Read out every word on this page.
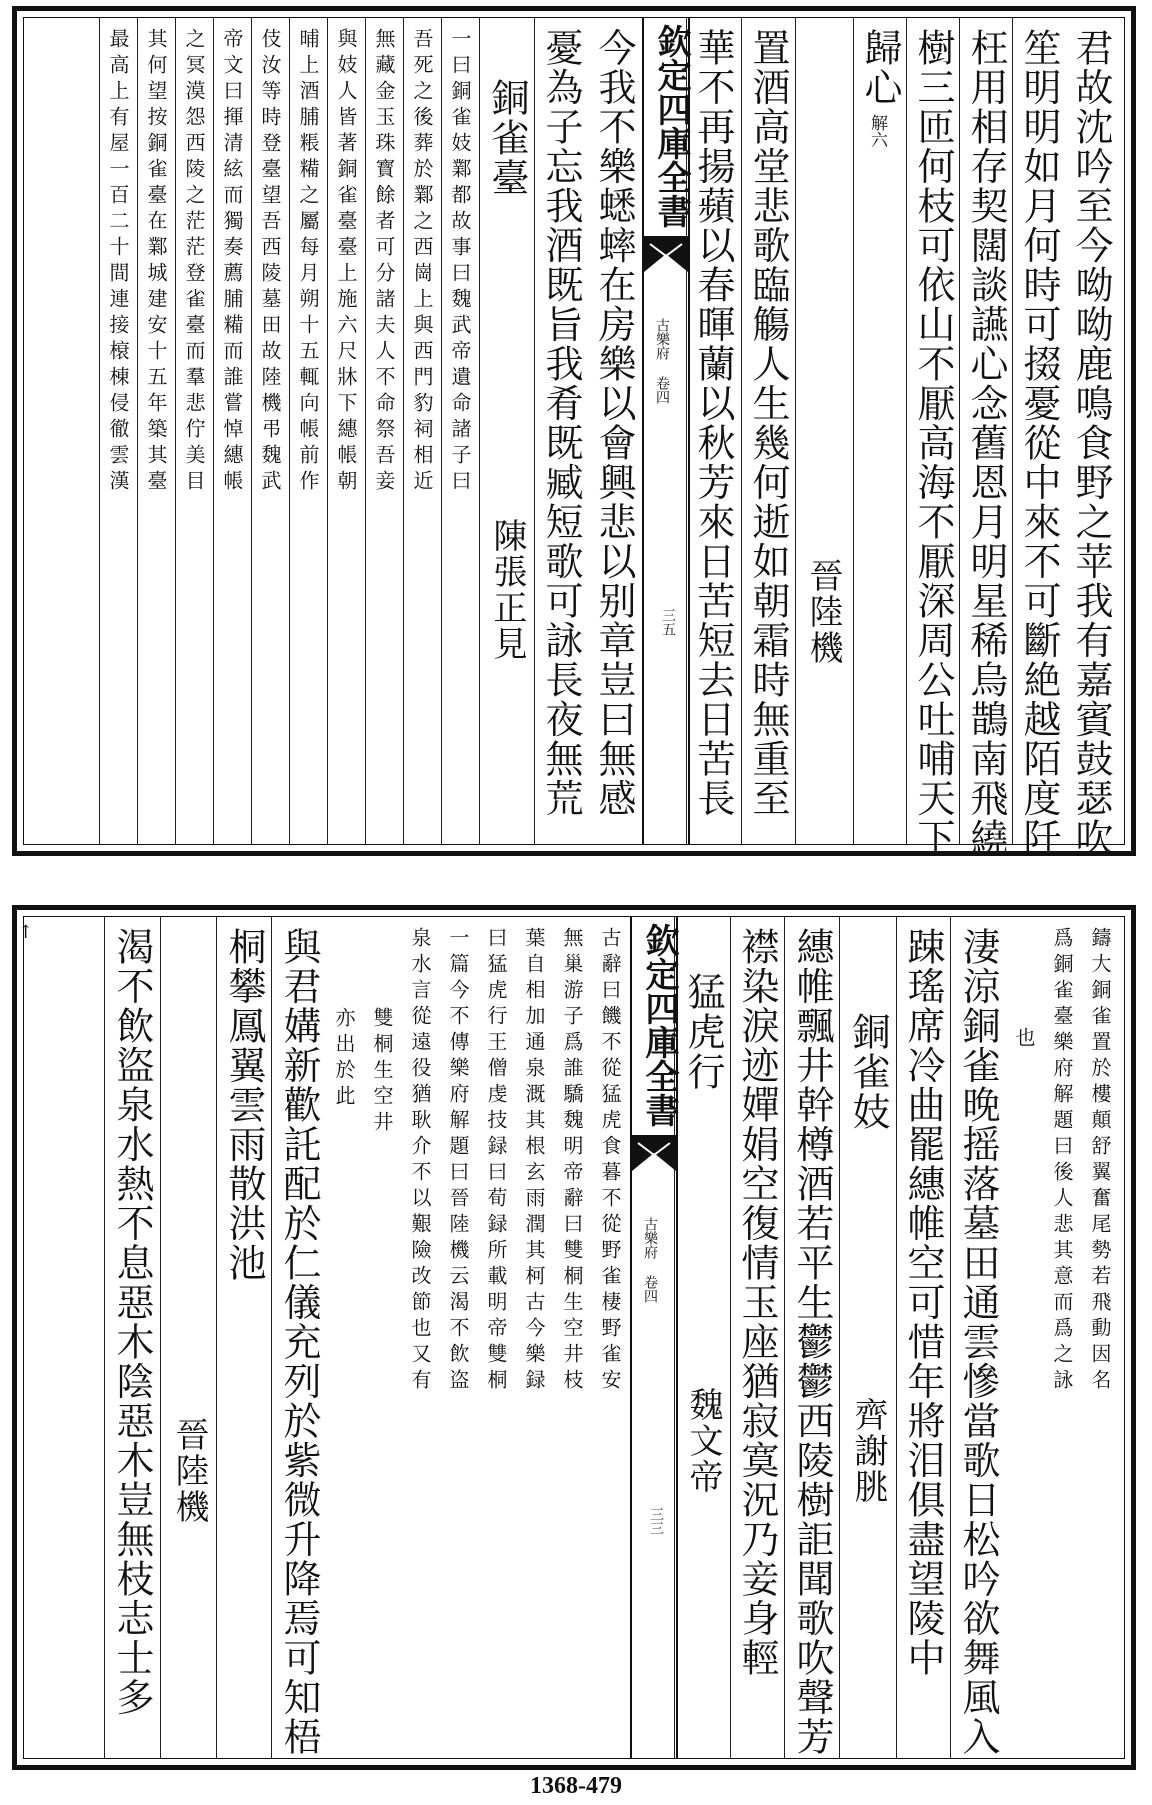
君故沈吟至今呦呦鹿鳴食野之苹我有嘉賓鼓瑟吹
笙明明如月何時可掇憂從中來不可斷絶越陌度阡
枉用相存契闊談讌心念舊恩月明星稀烏鵲南飛繞
樹三匝何枝可依山不厭高海不厭深周公吐哺天下
歸心
解六
晉陸機
置酒高堂悲歌臨觴人生幾何逝如朝霜時無重至
華不再揚蘋以春暉蘭以秋芳來日苦短去日苦長
欽定四庫全書
古樂府 卷四
三五
今我不樂蟋蟀在房樂以會興悲以别章豈曰無感
憂為子忘我酒既旨我肴既臧短歌可詠長夜無荒
銅雀臺
陳張正見
一曰銅雀妓鄴都故事曰魏武帝遺命諸子曰
吾死之後葬於鄴之西崗上與西門豹祠相近
無藏金玉珠寳餘者可分諸夫人不命祭吾妾
與妓人皆著銅雀臺臺上施六尺牀下繐帳朝
晡上酒脯粻糒之屬每月朔十五輒向帳前作
伎汝等時登臺望吾西陵墓田故陸機弔魏武
帝文曰揮清絃而獨奏薦脯糒而誰嘗悼繐帳
之冥漠怨西陵之茫茫登雀臺而羣悲佇美目
其何望按銅雀臺在鄴城建安十五年築其臺
最高上有屋一百二十間連接榱棟侵徹雲漢
↑	鑄大銅雀置於樓顛舒翼奮尾勢若飛動因名
爲銅雀臺樂府解題曰後人悲其意而爲之詠
也
淒涼銅雀晚摇落墓田通雲慘當歌日松吟欲舞風入
踈瑤席冷曲罷繐帷空可惜年將泪俱盡望陵中
銅雀妓
齊謝朓
繐帷飄井幹樽酒若平生鬱鬱西陵樹詎聞歌吹聲芳
襟染淚迹嬋娟空復情玉座猶寂寞況乃妾身輕
猛虎行
魏文帝
欽定四庫全書
古樂府 卷四
三三
古辭曰饑不從猛虎食暮不從野雀棲野雀安
無巢游子爲誰驕魏明帝辭曰雙桐生空井枝
葉自相加通泉溉其根玄雨潤其柯古今樂録
曰猛虎行王僧虔技録曰荀録所載明帝雙桐
一篇今不傳樂府解題曰晉陸機云渴不飲盗
泉水言從遠役猶耿介不以艱險改節也又有
雙桐生空井
亦出於此
與君媾新歡託配於仁儀充列於紫微升降焉可知梧
桐攀鳳翼雲雨散洪池
晉陸機
渴不飲盜泉水熱不息惡木陰惡木豈無枝志士多
1368-479
